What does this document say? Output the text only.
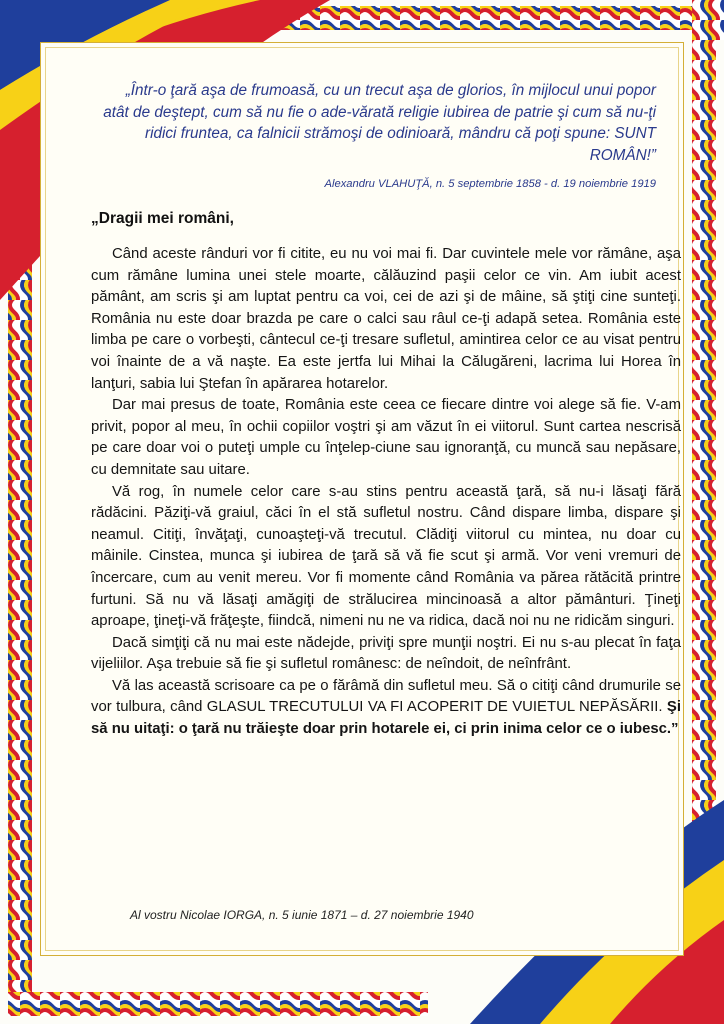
„Într-o ţară aşa de frumoasă, cu un trecut aşa de glorios, în mijlocul unui popor atât de deştept, cum să nu fie o ade-vărată religie iubirea de patrie şi cum să nu-ţi ridici fruntea, ca falnicii strămoşi de odinioară, mândru că poţi spune: SUNT ROMÂN!”
Alexandru VLAHUŢĂ, n. 5 septembrie 1858 - d. 19 noiembrie 1919
„Dragii mei români,

Când aceste rânduri vor fi citite, eu nu voi mai fi. Dar cuvintele mele vor rămâne, aşa cum rămâne lumina unei stele moarte, călăuzind paşii celor ce vin. Am iubit acest pământ, am scris şi am luptat pentru ca voi, cei de azi şi de mâine, să ştiţi cine sunteţi. România nu este doar brazda pe care o calci sau râul ce-ţi adapă setea. România este limba pe care o vorbeşti, cântecul ce-ţi tresare sufletul, amintirea celor ce au visat pentru voi înainte de a vă naşte. Ea este jertfa lui Mihai la Călugăreni, lacrima lui Horea în lanţuri, sabia lui Ştefan în apărarea hotarelor.

Dar mai presus de toate, România este ceea ce fiecare dintre voi alege să fie. V-am privit, popor al meu, în ochii copiilor voştri şi am văzut în ei viitorul. Sunt cartea nescrisă pe care doar voi o puteţi umple cu înţelep-ciune sau ignoranţă, cu muncă sau nepăsare, cu demnitate sau uitare.

Vă rog, în numele celor care s-au stins pentru această ţară, să nu-i lăsaţi fără rădăcini. Păziţi-vă graiul, căci în el stă sufletul nostru. Când dispare limba, dispare şi neamul. Citiţi, învăţaţi, cunoaşteţi-vă trecutul. Clădiţi viitorul cu mintea, nu doar cu mâinile. Cinstea, munca şi iubirea de ţară să vă fie scut şi armă. Vor veni vremuri de încercare, cum au venit mereu. Vor fi momente când România va părea rătăcită printre furtuni. Să nu vă lăsaţi amăgiţi de strălucirea mincinoasă a altor pământuri. Ţineţi aproape, ţineţi-vă frăţeşte, fiindcă, nimeni nu ne va ridica, dacă noi nu ne ridicăm singuri.

Dacă simţiţi că nu mai este nădejde, priviţi spre munţii noştri. Ei nu s-au plecat în faţa vijeliilor. Aşa trebuie să fie şi sufletul românesc: de neîndoit, de neînfrânt.

Vă las această scrisoare ca pe o fărâmă din sufletul meu. Să o citiţi când drumurile se vor tulbura, când GLASUL TRECUTULUI VA FI ACOPERIT DE VUIETUL NEPĂSĂRII. Şi să nu uitaţi: o ţară nu trăieşte doar prin hotarele ei, ci prin inima celor ce o iubesc.”

Al vostru Nicolae IORGA, n. 5 iunie 1871 – d. 27 noiembrie 1940
